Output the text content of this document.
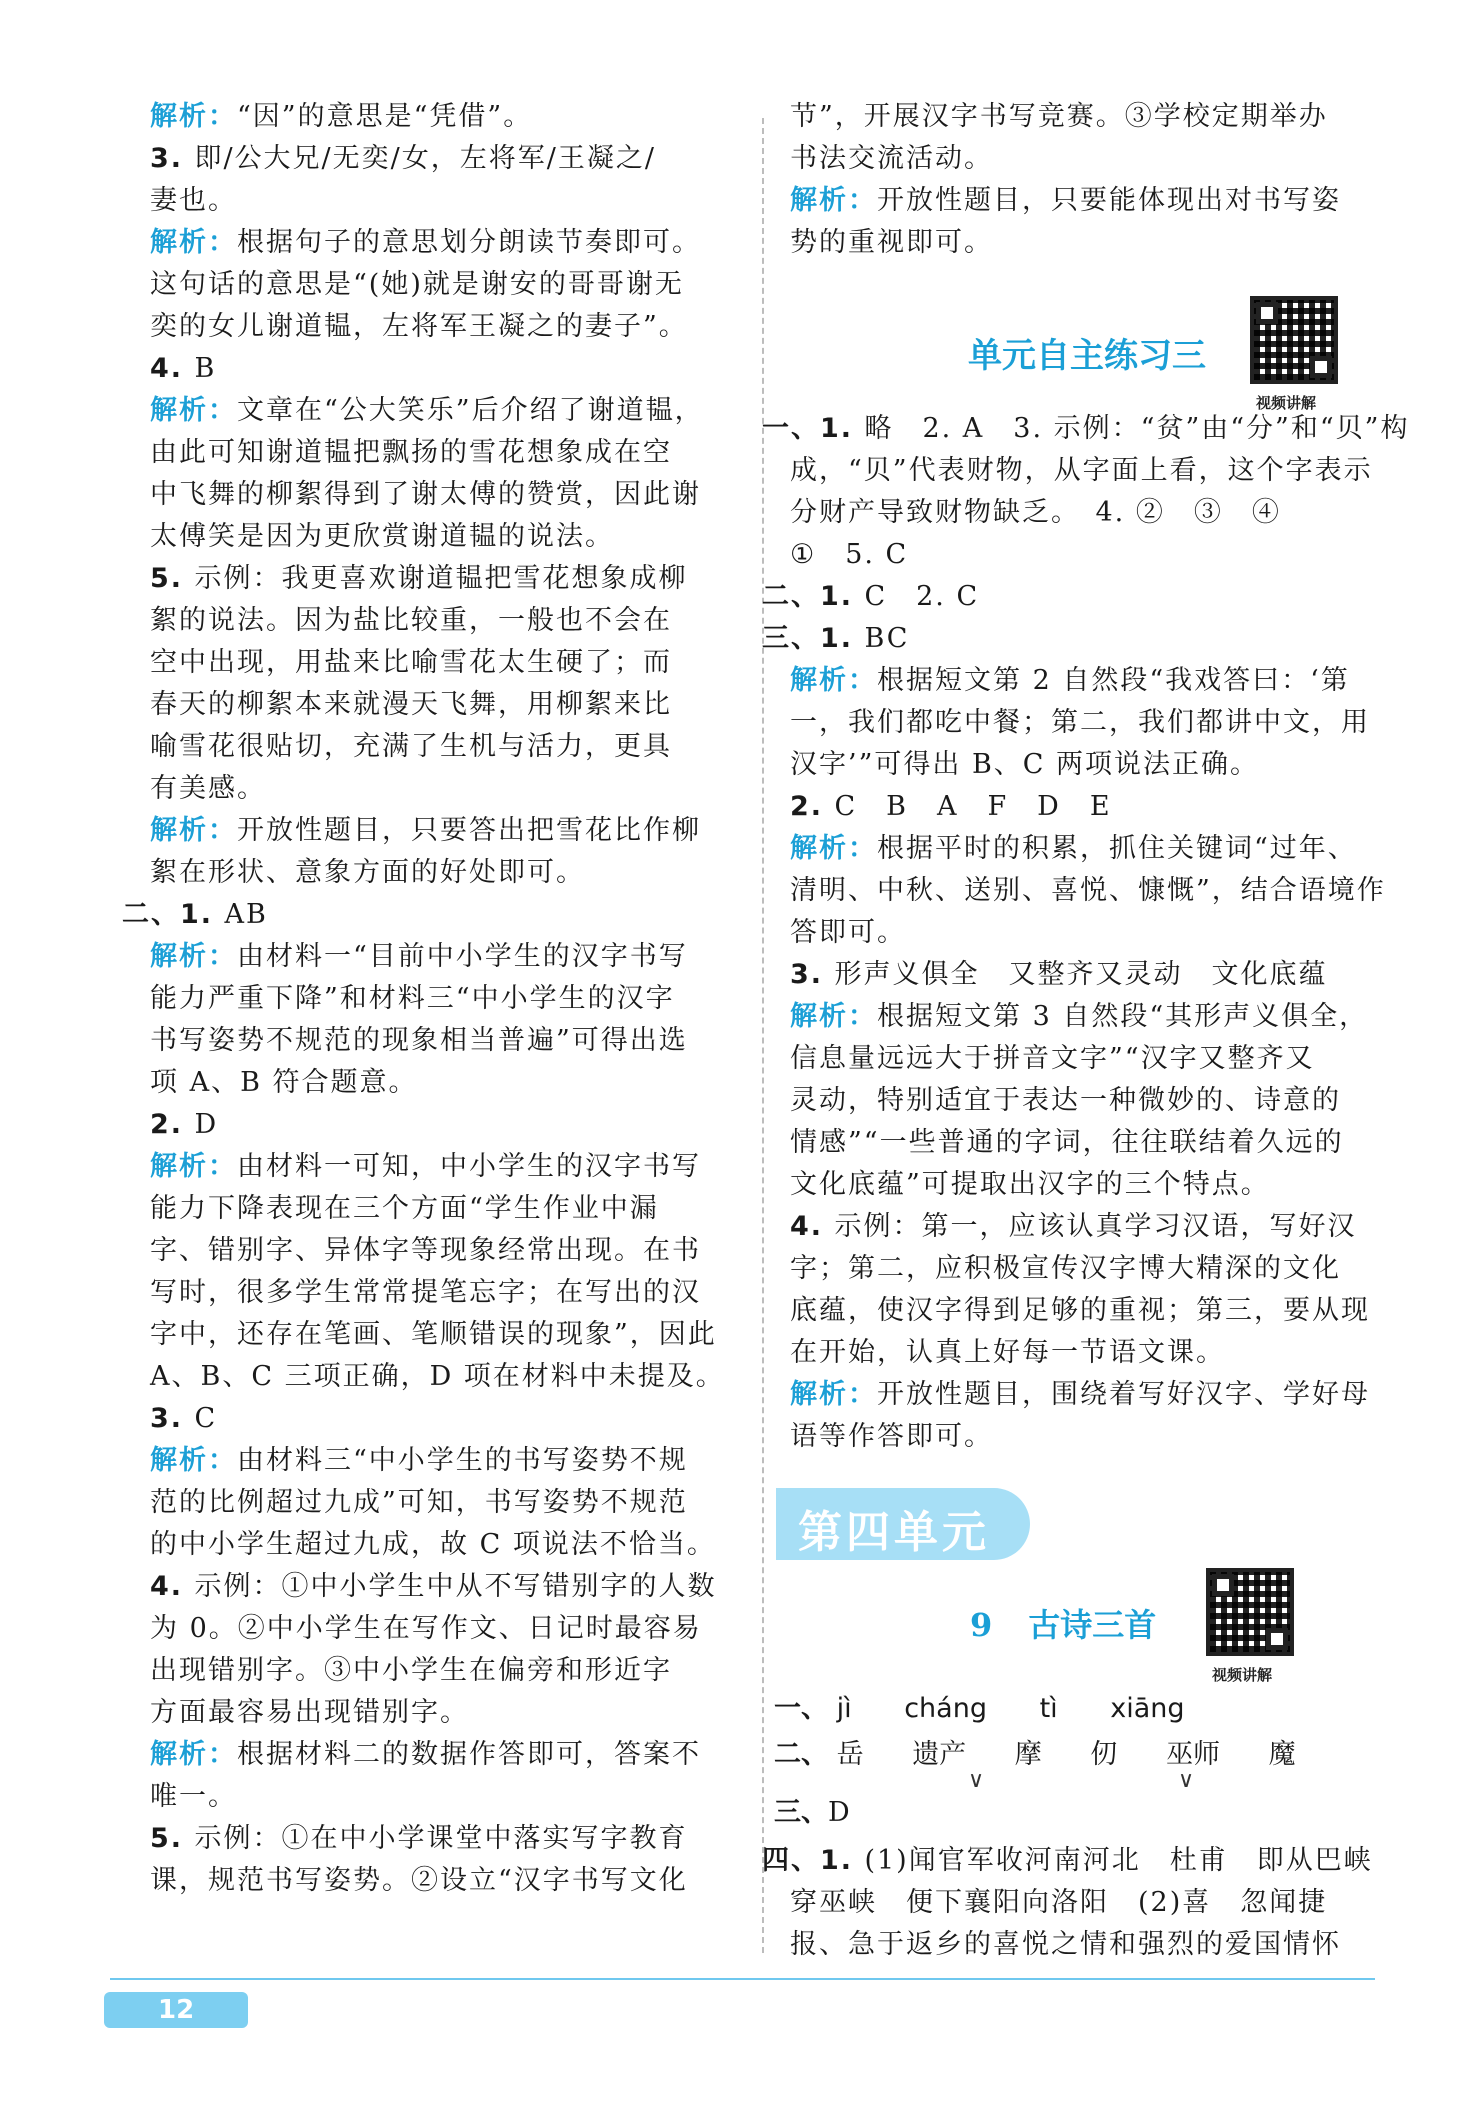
解析：“因”的意思是“凭借”。
3. 即/公大兄/无奕/女，左将军/王凝之/
妻也。
解析：根据句子的意思划分朗读节奏即可。
这句话的意思是“(她)就是谢安的哥哥谢无
奕的女儿谢道韫，左将军王凝之的妻子”。
4. B
解析：文章在“公大笑乐”后介绍了谢道韫，
由此可知谢道韫把飘扬的雪花想象成在空
中飞舞的柳絮得到了谢太傅的赞赏，因此谢
太傅笑是因为更欣赏谢道韫的说法。
5. 示例：我更喜欢谢道韫把雪花想象成柳
絮的说法。因为盐比较重，一般也不会在
空中出现，用盐来比喻雪花太生硬了；而
春天的柳絮本来就漫天飞舞，用柳絮来比
喻雪花很贴切，充满了生机与活力，更具
有美感。
解析：开放性题目，只要答出把雪花比作柳
絮在形状、意象方面的好处即可。
二、1. AB
解析：由材料一“目前中小学生的汉字书写
能力严重下降”和材料三“中小学生的汉字
书写姿势不规范的现象相当普遍”可得出选
项 A、B 符合题意。
2. D
解析：由材料一可知，中小学生的汉字书写
能力下降表现在三个方面“学生作业中漏
字、错别字、异体字等现象经常出现。在书
写时，很多学生常常提笔忘字；在写出的汉
字中，还存在笔画、笔顺错误的现象”，因此
A、B、C 三项正确，D 项在材料中未提及。
3. C
解析：由材料三“中小学生的书写姿势不规
范的比例超过九成”可知，书写姿势不规范
的中小学生超过九成，故 C 项说法不恰当。
4. 示例：①中小学生中从不写错别字的人数
为 0。②中小学生在写作文、日记时最容易
出现错别字。③中小学生在偏旁和形近字
方面最容易出现错别字。
解析：根据材料二的数据作答即可，答案不
唯一。
5. 示例：①在中小学课堂中落实写字教育
课，规范书写姿势。②设立“汉字书写文化
节”，开展汉字书写竞赛。③学校定期举办
书法交流活动。
解析：开放性题目，只要能体现出对书写姿
势的重视即可。
单元自主练习三
视频讲解
一、1. 略　2. A　3. 示例：“贫”由“分”和“贝”构
成，“贝”代表财物，从字面上看，这个字表示
分财产导致财物缺乏。　4. ②　③　④
①　5. C
二、1. C　2. C
三、1. BC
解析：根据短文第 2 自然段“我戏答曰：‘第
一，我们都吃中餐；第二，我们都讲中文，用
汉字’”可得出 B、C 两项说法正确。
2. C　B　A　F　D　E
解析：根据平时的积累，抓住关键词“过年、
清明、中秋、送别、喜悦、慷慨”，结合语境作
答即可。
3. 形声义俱全　又整齐又灵动　文化底蕴
解析：根据短文第 3 自然段“其形声义俱全，
信息量远远大于拼音文字”“汉字又整齐又
灵动，特别适宜于表达一种微妙的、诗意的
情感”“一些普通的字词，往往联结着久远的
文化底蕴”可提取出汉字的三个特点。
4. 示例：第一，应该认真学习汉语，写好汉
字；第二，应积极宣传汉字博大精深的文化
底蕴，使汉字得到足够的重视；第三，要从现
在开始，认真上好每一节语文课。
解析：开放性题目，围绕着写好汉字、学好母
语等作答即可。
第四单元
9 古诗三首
视频讲解
一、 jì cháng tì xiāng
二、 岳 遗产 摩 仞 巫师 魔
∨	∨
三、D
四、1. (1)闻官军收河南河北　杜甫　即从巴峡
穿巫峡　便下襄阳向洛阳　(2)喜　忽闻捷
报、急于返乡的喜悦之情和强烈的爱国情怀
12
